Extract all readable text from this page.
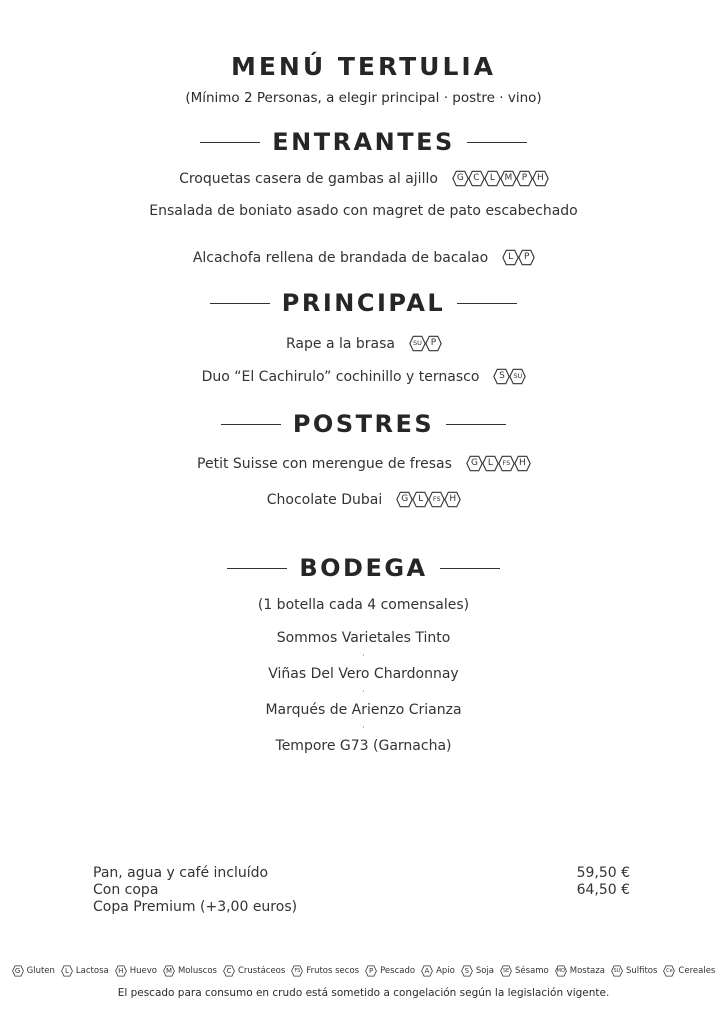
MENÚ TERTULIA
(Mínimo 2 Personas, a elegir principal · postre · vino)
ENTRANTES
Croquetas casera de gambas al ajillo G C L M P H
Ensalada de boniato asado con magret de pato escabechado
Alcachofa rellena de brandada de bacalao L P
PRINCIPAL
Rape a la brasa	SU P
Duo “El Cachirulo” cochinillo y ternasco S SU
POSTRES
Petit Suisse con merengue de fresas G L FS H
Chocolate Dubai G L FS H
BODEGA
(1 botella cada 4 comensales)
Sommos Varietales Tinto
·
Viñas Del Vero Chardonnay
·
Marqués de Arienzo Crianza
·
Tempore G73 (Garnacha)
Pan, agua y café incluído
Con copa
Copa Premium (+3,00 euros)
59,50 €
64,50 €
G Gluten L Lactosa H Huevo M Moluscos C Crustáceos FS Frutos secos P Pescado A Apio S Soja SE Sésamo MO Mostaza SU Sulfitos Ce Cereales
El pescado para consumo en crudo está sometido a congelación según la legislación vigente.
